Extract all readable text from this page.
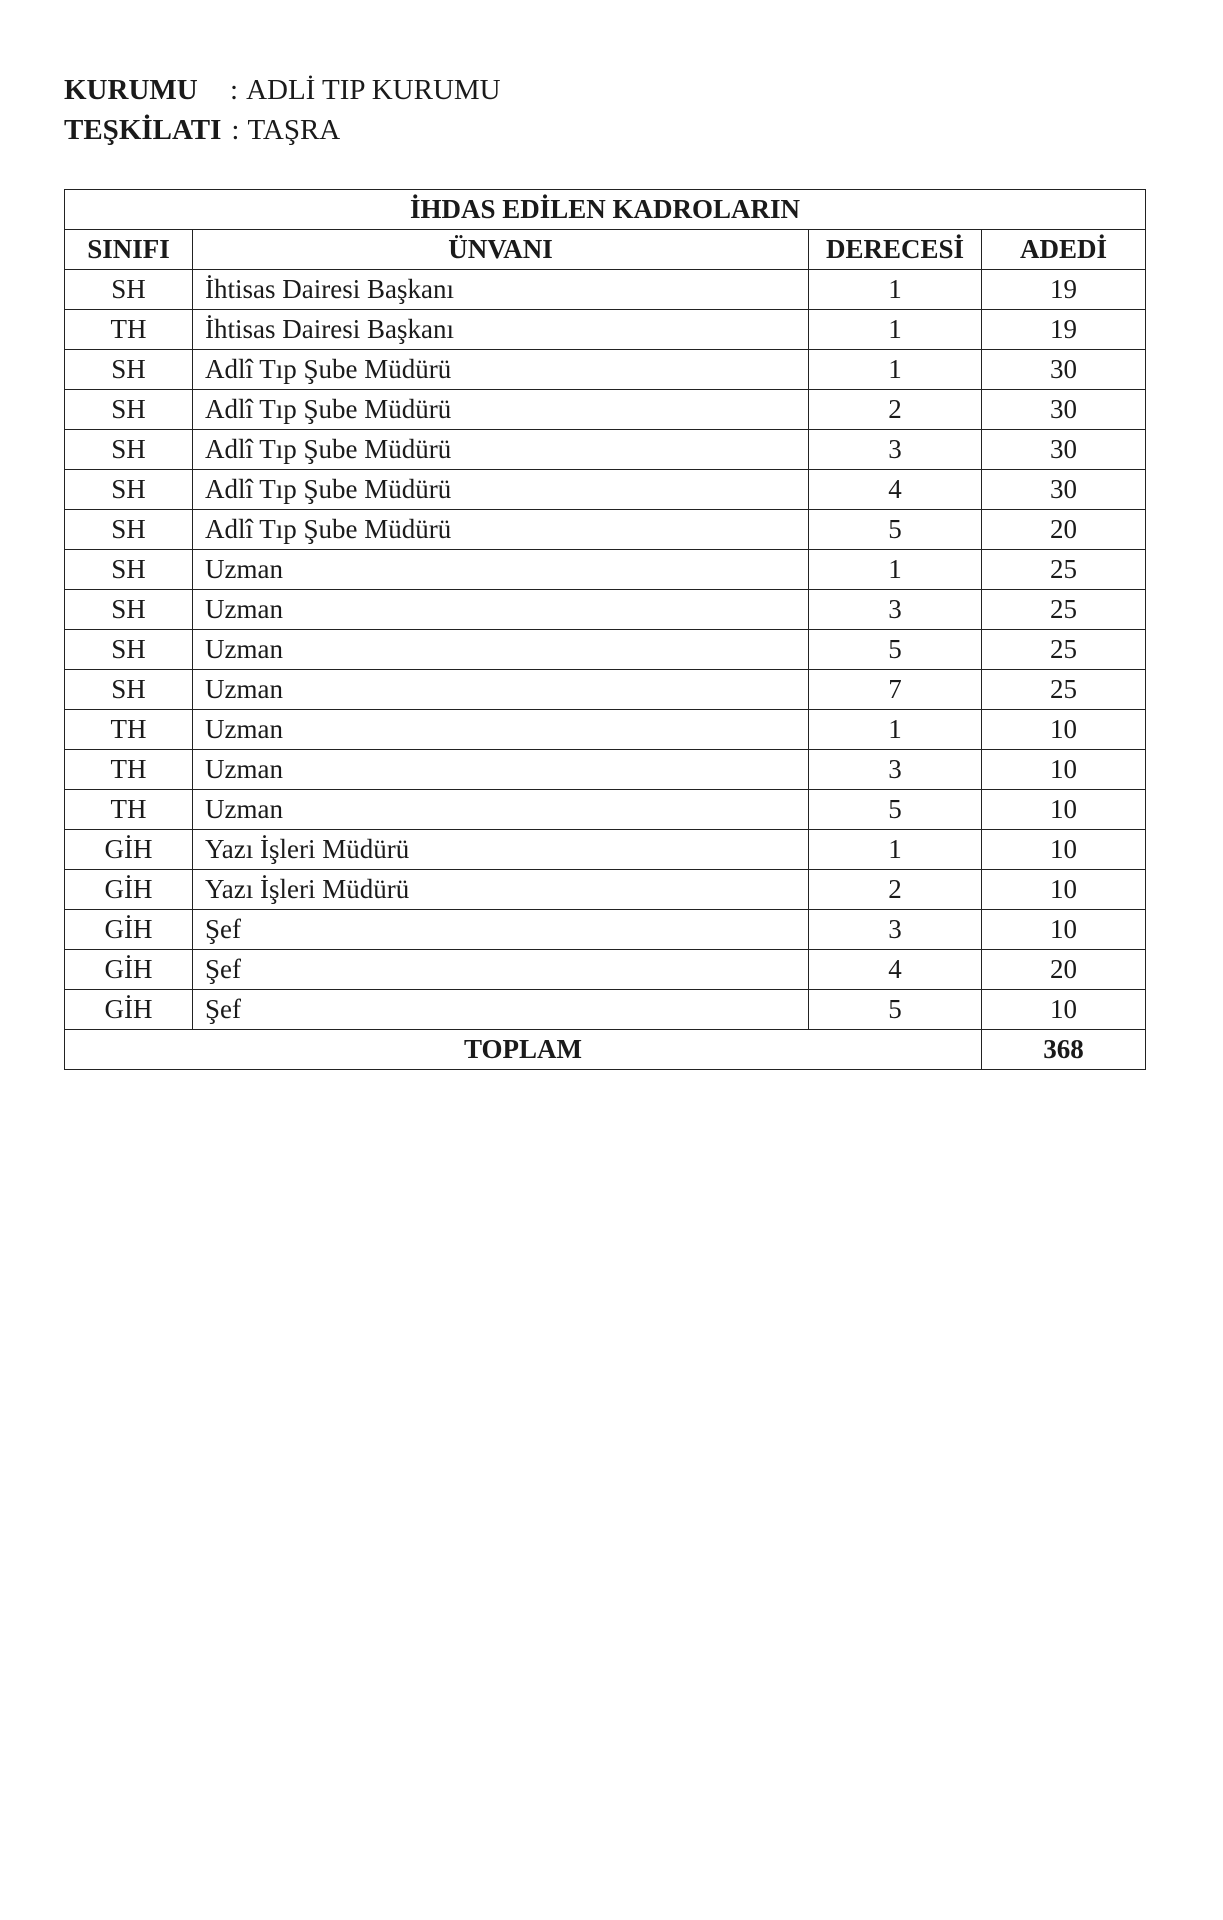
KURUMU : ADLİ TIP KURUMU
TEŞKİLATI : TAŞRA
İHDAS EDİLEN KADROLARIN			
SINIFI	ÜNVANI	DERECESİ	ADEDİ
SH	İhtisas Dairesi Başkanı	1	19
TH	İhtisas Dairesi Başkanı	1	19
SH	Adlî Tıp Şube Müdürü	1	30
SH	Adlî Tıp Şube Müdürü	2	30
SH	Adlî Tıp Şube Müdürü	3	30
SH	Adlî Tıp Şube Müdürü	4	30
SH	Adlî Tıp Şube Müdürü	5	20
SH	Uzman	1	25
SH	Uzman	3	25
SH	Uzman	5	25
SH	Uzman	7	25
TH	Uzman	1	10
TH	Uzman	3	10
TH	Uzman	5	10
GİH	Yazı İşleri Müdürü	1	10
GİH	Yazı İşleri Müdürü	2	10
GİH	Şef	3	10
GİH	Şef	4	20
GİH	Şef	5	10
TOPLAM			368
